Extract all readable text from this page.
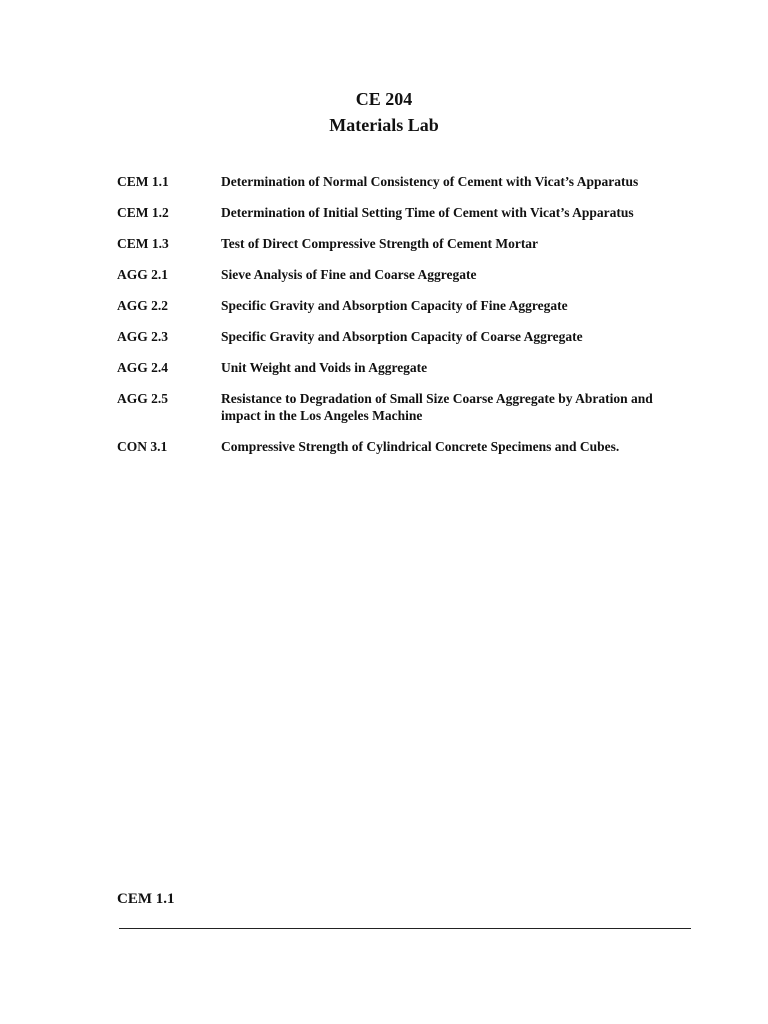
CE 204
Materials Lab
CEM 1.1	Determination of Normal Consistency of Cement with Vicat’s Apparatus
CEM 1.2	Determination of Initial Setting Time of Cement with Vicat’s Apparatus
CEM 1.3	Test of Direct Compressive Strength of Cement Mortar
AGG 2.1	Sieve Analysis of Fine and Coarse Aggregate
AGG 2.2	Specific Gravity and Absorption Capacity of Fine Aggregate
AGG 2.3	Specific Gravity and Absorption Capacity of Coarse Aggregate
AGG 2.4	Unit Weight and Voids in Aggregate
AGG 2.5	Resistance to Degradation of Small Size Coarse Aggregate by Abration and impact in the Los Angeles Machine
CON 3.1	Compressive Strength of Cylindrical Concrete Specimens and Cubes.
CEM 1.1
